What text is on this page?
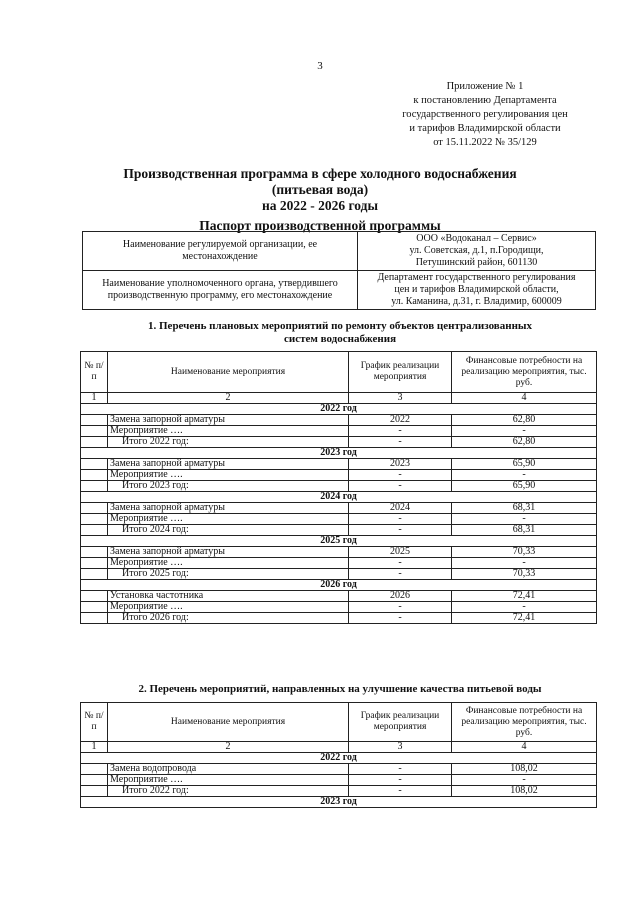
3
Приложение № 1
к постановлению Департамента
государственного регулирования цен
и тарифов Владимирской области
от 15.11.2022 № 35/129
Производственная программа в сфере холодного водоснабжения
(питьевая вода)
на 2022 - 2026 годы
Паспорт производственной программы
Наименование регулируемой организации, ее местонахождение	ООО «Водоканал – Сервис»
ул. Советская, д.1, п.Городищи,
Петушинский район, 601130

Наименование уполномоченного органа, утвердившего производственную программу, его местонахождение	Департамент государственного регулирования
цен и тарифов Владимирской области,
ул. Каманина, д.31, г. Владимир, 600009
1. Перечень плановых мероприятий по ремонту объектов централизованных
систем водоснабжения
№ п/п	Наименование мероприятия	График реализации мероприятия	Финансовые потребности на реализацию мероприятия, тыс. руб.
1	2	3	4
2022 год			
	Замена запорной арматуры	2022	62,80
	Мероприятие ….	-	-
	Итого 2022 год:	-	62,80
2023 год			
	Замена запорной арматуры	2023	65,90
	Мероприятие ….	-	-
	Итого 2023 год:	-	65,90
2024 год			
	Замена запорной арматуры	2024	68,31
	Мероприятие ….	-	-
	Итого 2024 год:	-	68,31
2025 год			
	Замена запорной арматуры	2025	70,33
	Мероприятие ….	-	-
	Итого 2025 год:	-	70,33
2026 год			
	Установка частотника	2026	72,41
	Мероприятие ….	-	-
	Итого 2026 год:	-	72,41
2. Перечень мероприятий, направленных на улучшение качества питьевой воды
№ п/п	Наименование мероприятия	График реализации мероприятия	Финансовые потребности на реализацию мероприятия, тыс. руб.
1	2	3	4
2022 год			
	Замена водопровода	-	108,02
	Мероприятие ….	-	-
	Итого 2022 год:	-	108,02
2023 год			
